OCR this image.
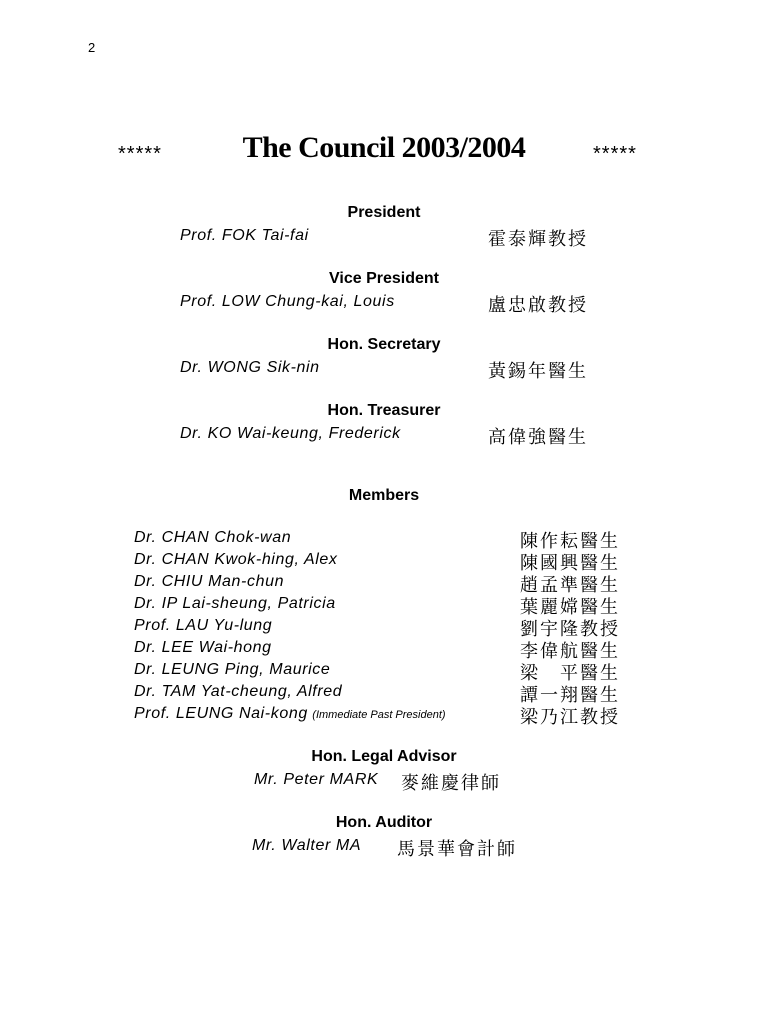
2
*****	The Council 2003/2004	*****
President
Prof. FOK Tai-fai	霍泰輝教授
Vice President
Prof. LOW Chung-kai, Louis	盧忠啟教授
Hon. Secretary
Dr. WONG Sik-nin	黃錫年醫生
Hon. Treasurer
Dr. KO Wai-keung, Frederick	高偉強醫生
Members
Dr. CHAN Chok-wan	陳作耘醫生
Dr. CHAN Kwok-hing, Alex	陳國興醫生
Dr. CHIU Man-chun	趙孟準醫生
Dr. IP Lai-sheung, Patricia	葉麗嫦醫生
Prof. LAU Yu-lung	劉宇隆教授
Dr. LEE Wai-hong	李偉航醫生
Dr. LEUNG Ping, Maurice	梁　平醫生
Dr. TAM Yat-cheung, Alfred	譚一翔醫生
Prof. LEUNG Nai-kong (Immediate Past President)	梁乃江教授
Hon. Legal Advisor
Mr. Peter MARK 麥維慶律師
Hon. Auditor
Mr. Walter MA 馬景華會計師
